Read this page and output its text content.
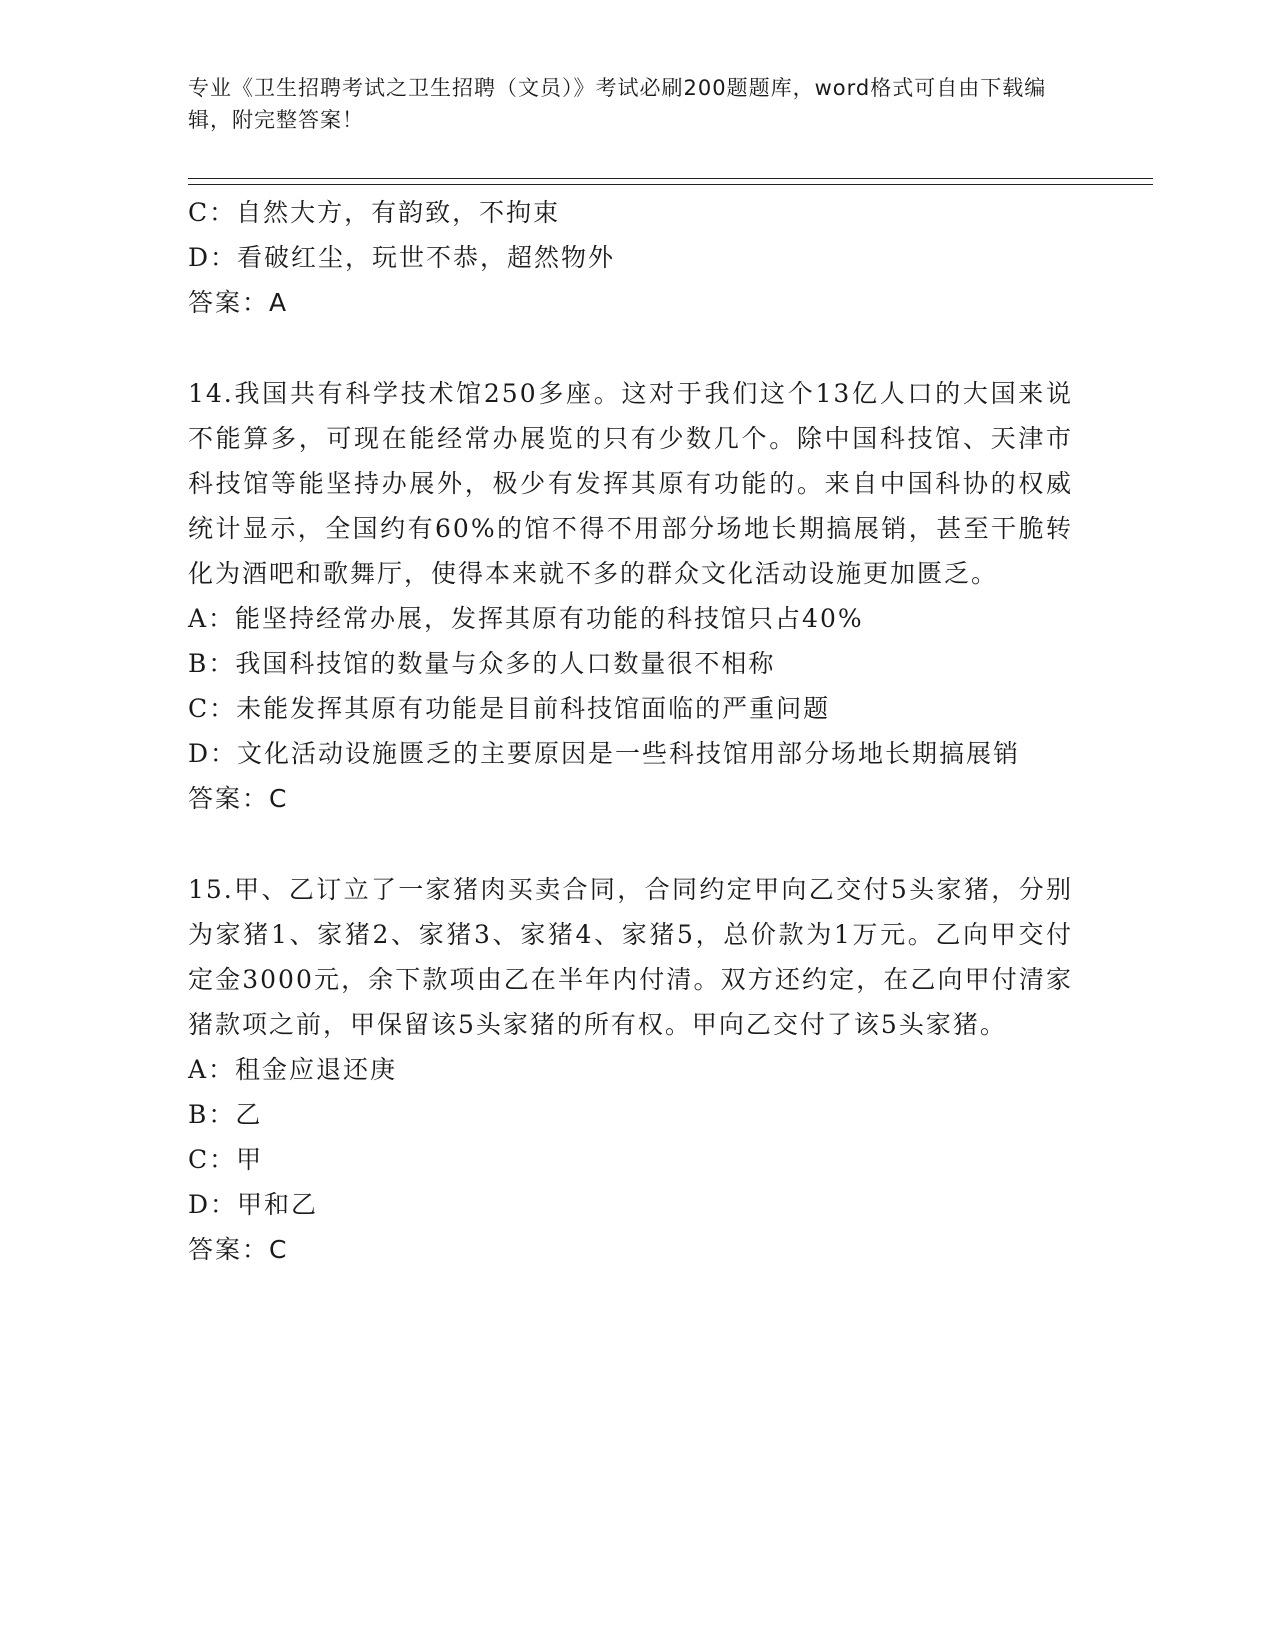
专业《卫生招聘考试之卫生招聘（文员）》考试必刷200题题库，word格式可自由下载编辑，附完整答案！
C：自然大方，有韵致，不拘束
D：看破红尘，玩世不恭，超然物外
答案：A
14.我国共有科学技术馆250多座。这对于我们这个13亿人口的大国来说不能算多，可现在能经常办展览的只有少数几个。除中国科技馆、天津市科技馆等能坚持办展外，极少有发挥其原有功能的。来自中国科协的权威统计显示，全国约有60%的馆不得不用部分场地长期搞展销，甚至干脆转化为酒吧和歌舞厅，使得本来就不多的群众文化活动设施更加匮乏。
A：能坚持经常办展，发挥其原有功能的科技馆只占40%
B：我国科技馆的数量与众多的人口数量很不相称
C：未能发挥其原有功能是目前科技馆面临的严重问题
D：文化活动设施匮乏的主要原因是一些科技馆用部分场地长期搞展销
答案：C
15.甲、乙订立了一家猪肉买卖合同，合同约定甲向乙交付5头家猪，分别为家猪1、家猪2、家猪3、家猪4、家猪5，总价款为1万元。乙向甲交付定金3000元，余下款项由乙在半年内付清。双方还约定，在乙向甲付清家猪款项之前，甲保留该5头家猪的所有权。甲向乙交付了该5头家猪。
A：租金应退还庚
B：乙
C：甲
D：甲和乙
答案：C
